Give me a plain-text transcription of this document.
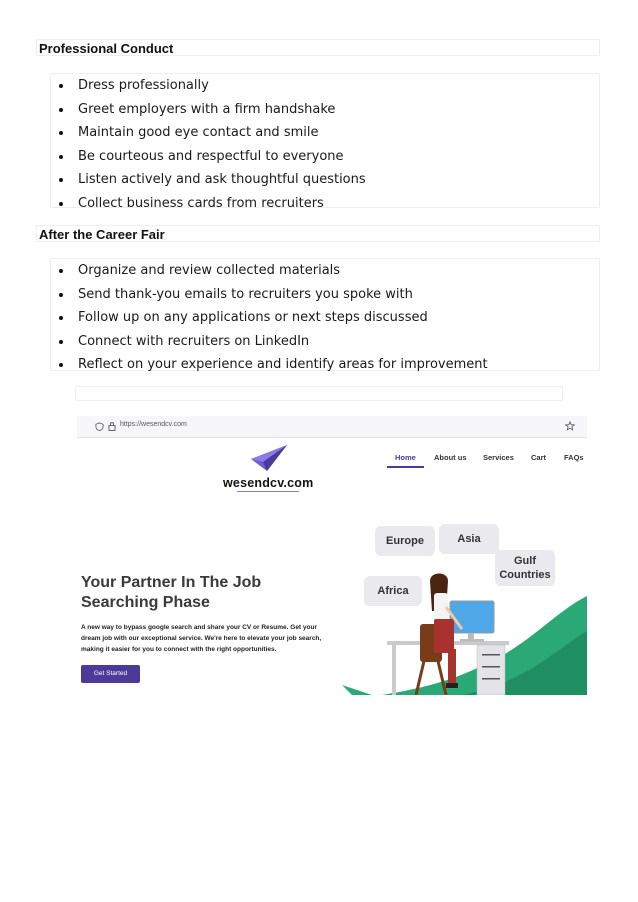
Professional Conduct
Dress professionally
Greet employers with a firm handshake
Maintain good eye contact and smile
Be courteous and respectful to everyone
Listen actively and ask thoughtful questions
Collect business cards from recruiters
After the Career Fair
Organize and review collected materials
Send thank-you emails to recruiters you spoke with
Follow up on any applications or next steps discussed
Connect with recruiters on LinkedIn
Reflect on your experience and identify areas for improvement
https://wesendcv.com
wesendcv.com
Home About us Services Cart FAQs
Your Partner In The Job Searching Phase
A new way to bypass google search and share your CV or Resume. Get your dream job with our exceptional service. We're here to elevate your job search, making it easier for you to connect with the right opportunities.
Get Started
Europe	Asia
Gulf Countries
Africa
